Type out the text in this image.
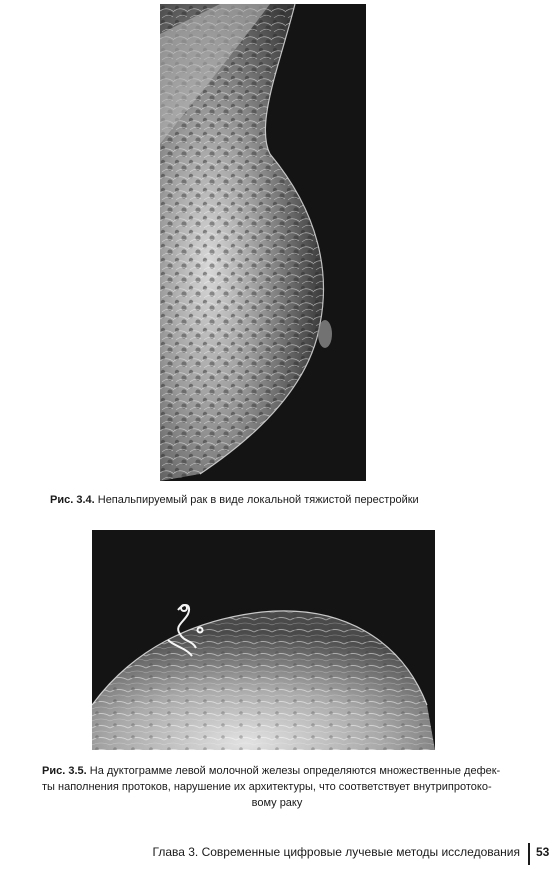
Рис. 3.4. Непальпируемый рак в виде локальной тяжистой перестройки
Рис. 3.5. На дуктограмме левой молочной железы определяются множественные дефек-
ты наполнения протоков, нарушение их архитектуры, что соответствует внутрипротоко-
вому раку
Глава 3. Современные цифровые лучевые методы исследования 53
